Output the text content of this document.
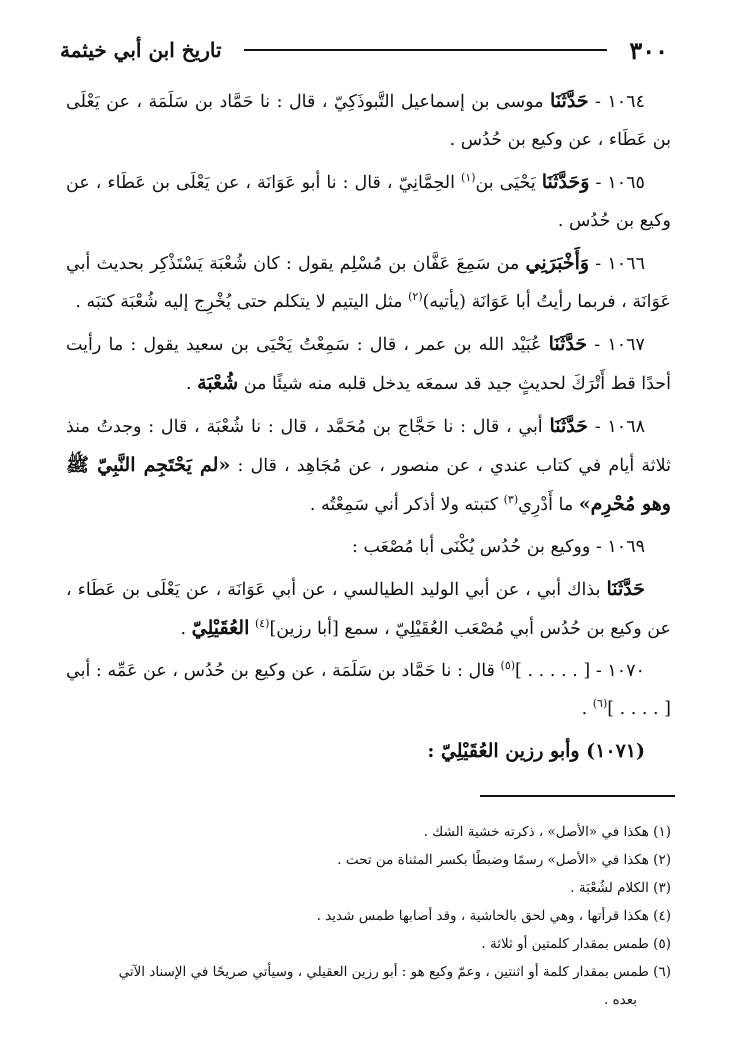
٣٠٠
تاريخ ابن أبي خيثمة

١٠٦٤ - حَدَّثَنَا موسى بن إسماعيل التَّبوذَكِيّ ، قال : نا حَمَّاد بن سَلَمَة ، عن يَعْلَى بن عَطَاء ، عن وكيع بن حُدُس .

١٠٦٥ - وَحَدَّثَنَا يَحْيَى بن$^{(١)}$ الحِمَّانِيّ ، قال : نا أبو عَوَانَة ، عن يَعْلَى بن عَطَاء ، عن وكيع بن حُدُس .

١٠٦٦ - وَأَخْبَرَنِي من سَمِعَ عَفَّان بن مُسْلِم يقول : كان شُعْبَة يَسْتَذْكِر بحديث أبي عَوَانَة ، فربما رأيتُ أبا عَوَانَة (يأتيه)$^{(٢)}$ مثل اليتيم لا يتكلم حتى يُخْرِج إليه شُعْبَة كتبَه .

١٠٦٧ - حَدَّثَنَا عُبَيْد الله بن عمر ، قال : سَمِعْتُ يَحْيَى بن سعيد يقول : ما رأيت أحدًا قط أَتْرَكَ لحديثٍ جيد قد سمعَه يدخل قلبه منه شيئًا من شُعْبَة .

١٠٦٨ - حَدَّثَنَا أبي ، قال : نا حَجَّاج بن مُحَمَّد ، قال : نا شُعْبَة ، قال : وجدتُ منذ ثلاثة أيام في كتاب عندي ، عن منصور ، عن مُجَاهِد ، قال : «لم يَحْتَجِم النَّبِيّ ﷺ وهو مُحْرِم» ما أَدْرِي$^{(٣)}$ كتبته ولا أذكر أني سَمِعْتُه .

١٠٦٩ - ووكيع بن حُدُس يُكْنَى أبا مُصْعَب :

حَدَّثَنَا بذاك أبي ، عن أبي الوليد الطيالسي ، عن أبي عَوَانَة ، عن يَعْلَى بن عَطَاء ، عن وكيع بن حُدُس أبي مُصْعَب العُقَيْلِيّ ، سمع [أبا رزين]$^{(٤)}$ العُقَيْلِيّ .

١٠٧٠ - [ . . . . . ]$^{(٥)}$ قال : نا حَمَّاد بن سَلَمَة ، عن وكيع بن حُدُس ، عن عَمِّه : أبي [ . . . . ]$^{(٦)}$ .

(١٠٧١) وأبو رزين العُقَيْلِيّ :

(١) هكذا في «الأصل» ، ذكرته خشية الشك .

(٢) هكذا في «الأصل» رسمًا وضبطًا بكسر المثناة من تحت .

(٣) الكلام لشُعْبَة .

(٤) هكذا قرأتها ، وهي لحق بالحاشية ، وقد أصابها طمس شديد .

(٥) طمس بمقدار كلمتين أو ثلاثة .

(٦) طمس بمقدار كلمة أو اثنتين ، وعمّ وكيع هو : أبو رزين العقيلي ، وسيأتي صريحًا في الإسناد الآتي

بعده .
